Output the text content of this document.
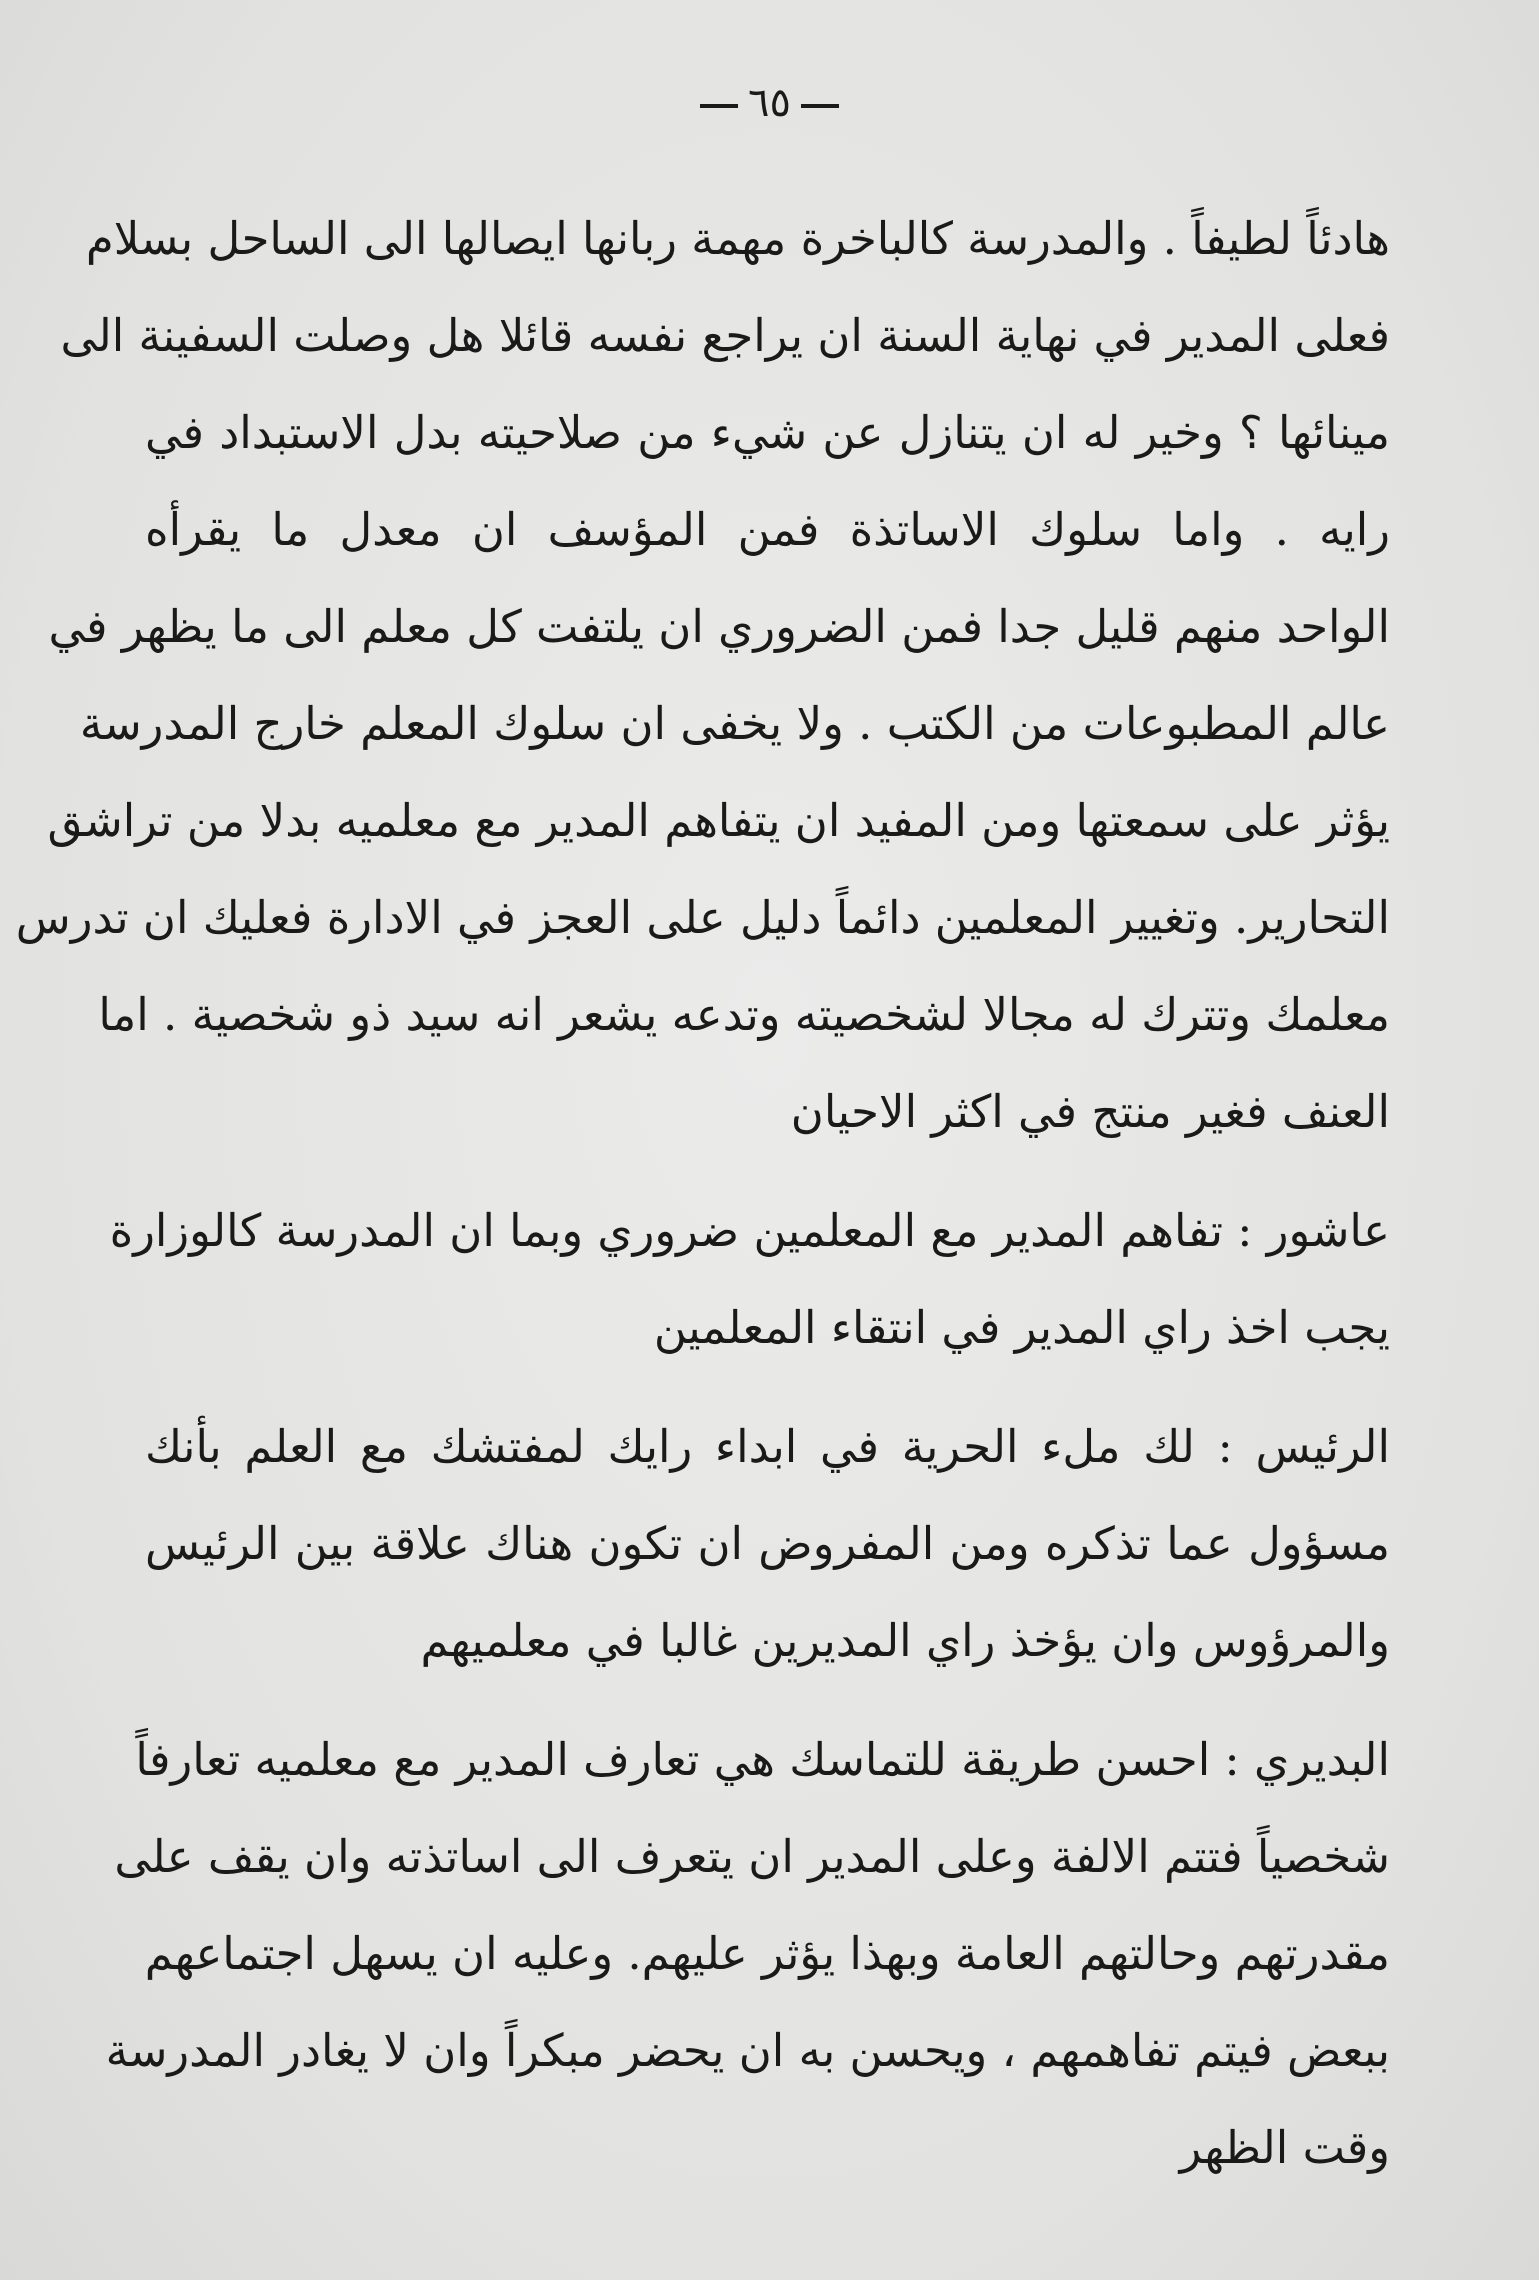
٦٥
هادئاً لطيفاً . والمدرسة كالباخرة مهمة ربانها ايصالها الى الساحل بسلام
فعلى المدير في نهاية السنة ان يراجع نفسه قائلا هل وصلت السفينة الى
مينائها ؟ وخير له ان يتنازل عن شيء من صلاحيته بدل الاستبداد في
رايه . واما سلوك الاساتذة فمن المؤسف ان معدل ما يقرأه
الواحد منهم قليل جدا فمن الضروري ان يلتفت كل معلم الى ما يظهر في
عالم المطبوعات من الكتب . ولا يخفى ان سلوك المعلم خارج المدرسة
يؤثر على سمعتها ومن المفيد ان يتفاهم المدير مع معلميه بدلا من تراشق
التحارير. وتغيير المعلمين دائماً دليل على العجز في الادارة فعليك ان تدرس
معلمك وتترك له مجالا لشخصيته وتدعه يشعر انه سيد ذو شخصية . اما
العنف فغير منتج في اكثر الاحيان
عاشور : تفاهم المدير مع المعلمين ضروري وبما ان المدرسة كالوزارة
يجب اخذ راي المدير في انتقاء المعلمين
الرئيس : لك ملء الحرية في ابداء رايك لمفتشك مع العلم بأنك
مسؤول عما تذكره ومن المفروض ان تكون هناك علاقة بين الرئيس
والمرؤوس وان يؤخذ راي المديرين غالبا في معلميهم
البديري : احسن طريقة للتماسك هي تعارف المدير مع معلميه تعارفاً
شخصياً فتتم الالفة وعلى المدير ان يتعرف الى اساتذته وان يقف على
مقدرتهم وحالتهم العامة وبهذا يؤثر عليهم. وعليه ان يسهل اجتماعهم
ببعض فيتم تفاهمهم ، ويحسن به ان يحضر مبكراً وان لا يغادر المدرسة
وقت الظهر
